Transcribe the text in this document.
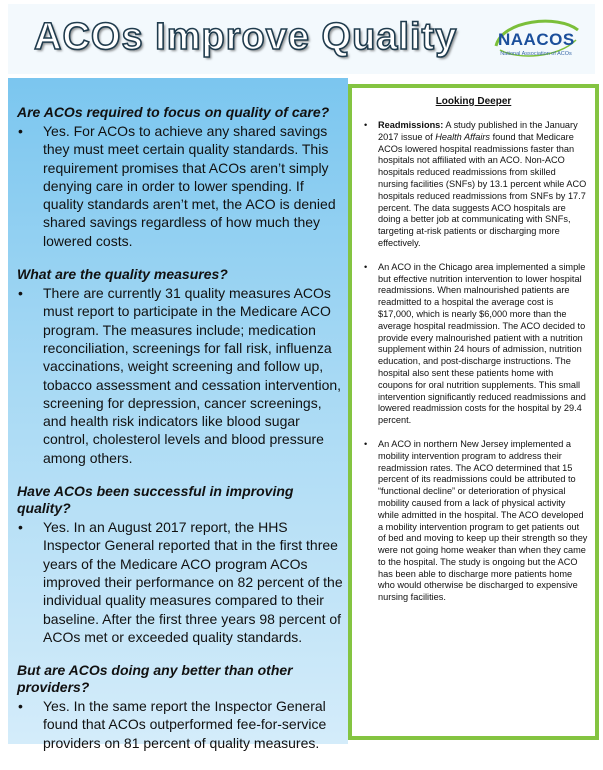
ACOs Improve Quality NAACOS
National Association of ACOs
Are ACOs required to focus on quality of care?
• Yes. For ACOs to achieve any shared savings they must meet certain quality standards. This requirement promises that ACOs aren’t simply denying care in order to lower spending. If quality standards aren’t met, the ACO is denied shared savings regardless of how much they lowered costs.
What are the quality measures?
• There are currently 31 quality measures ACOs must report to participate in the Medicare ACO program. The measures include; medication reconciliation, screenings for fall risk, influenza vaccinations, weight screening and follow up, tobacco assessment and cessation intervention, screening for depression, cancer screenings, and health risk indicators like blood sugar control, cholesterol levels and blood pressure among others.
Have ACOs been successful in improving quality?
• Yes. In an August 2017 report, the HHS Inspector General reported that in the first three years of the Medicare ACO program ACOs improved their performance on 82 percent of the individual quality measures compared to their baseline. After the first three years 98 percent of ACOs met or exceeded quality standards.
But are ACOs doing any better than other providers?
• Yes. In the same report the Inspector General found that ACOs outperformed fee-for-service providers on 81 percent of quality measures.
Looking Deeper
• Readmissions: A study published in the January 2017 issue of Health Affairs found that Medicare ACOs lowered hospital readmissions faster than hospitals not affiliated with an ACO. Non-ACO hospitals reduced readmissions from skilled nursing facilities (SNFs) by 13.1 percent while ACO hospitals reduced readmissions from SNFs by 17.7 percent. The data suggests ACO hospitals are doing a better job at communicating with SNFs, targeting at-risk patients or discharging more effectively.
• An ACO in the Chicago area implemented a simple but effective nutrition intervention to lower hospital readmissions. When malnourished patients are readmitted to a hospital the average cost is $17,000, which is nearly $6,000 more than the average hospital readmission. The ACO decided to provide every malnourished patient with a nutrition supplement within 24 hours of admission, nutrition education, and post-discharge instructions. The hospital also sent these patients home with coupons for oral nutrition supplements. This small intervention significantly reduced readmissions and lowered readmission costs for the hospital by 29.4 percent.
• An ACO in northern New Jersey implemented a mobility intervention program to address their readmission rates. The ACO determined that 15 percent of its readmissions could be attributed to “functional decline” or deterioration of physical mobility caused from a lack of physical activity while admitted in the hospital. The ACO developed a mobility intervention program to get patients out of bed and moving to keep up their strength so they were not going home weaker than when they came to the hospital. The study is ongoing but the ACO has been able to discharge more patients home who would otherwise be discharged to expensive nursing facilities.
